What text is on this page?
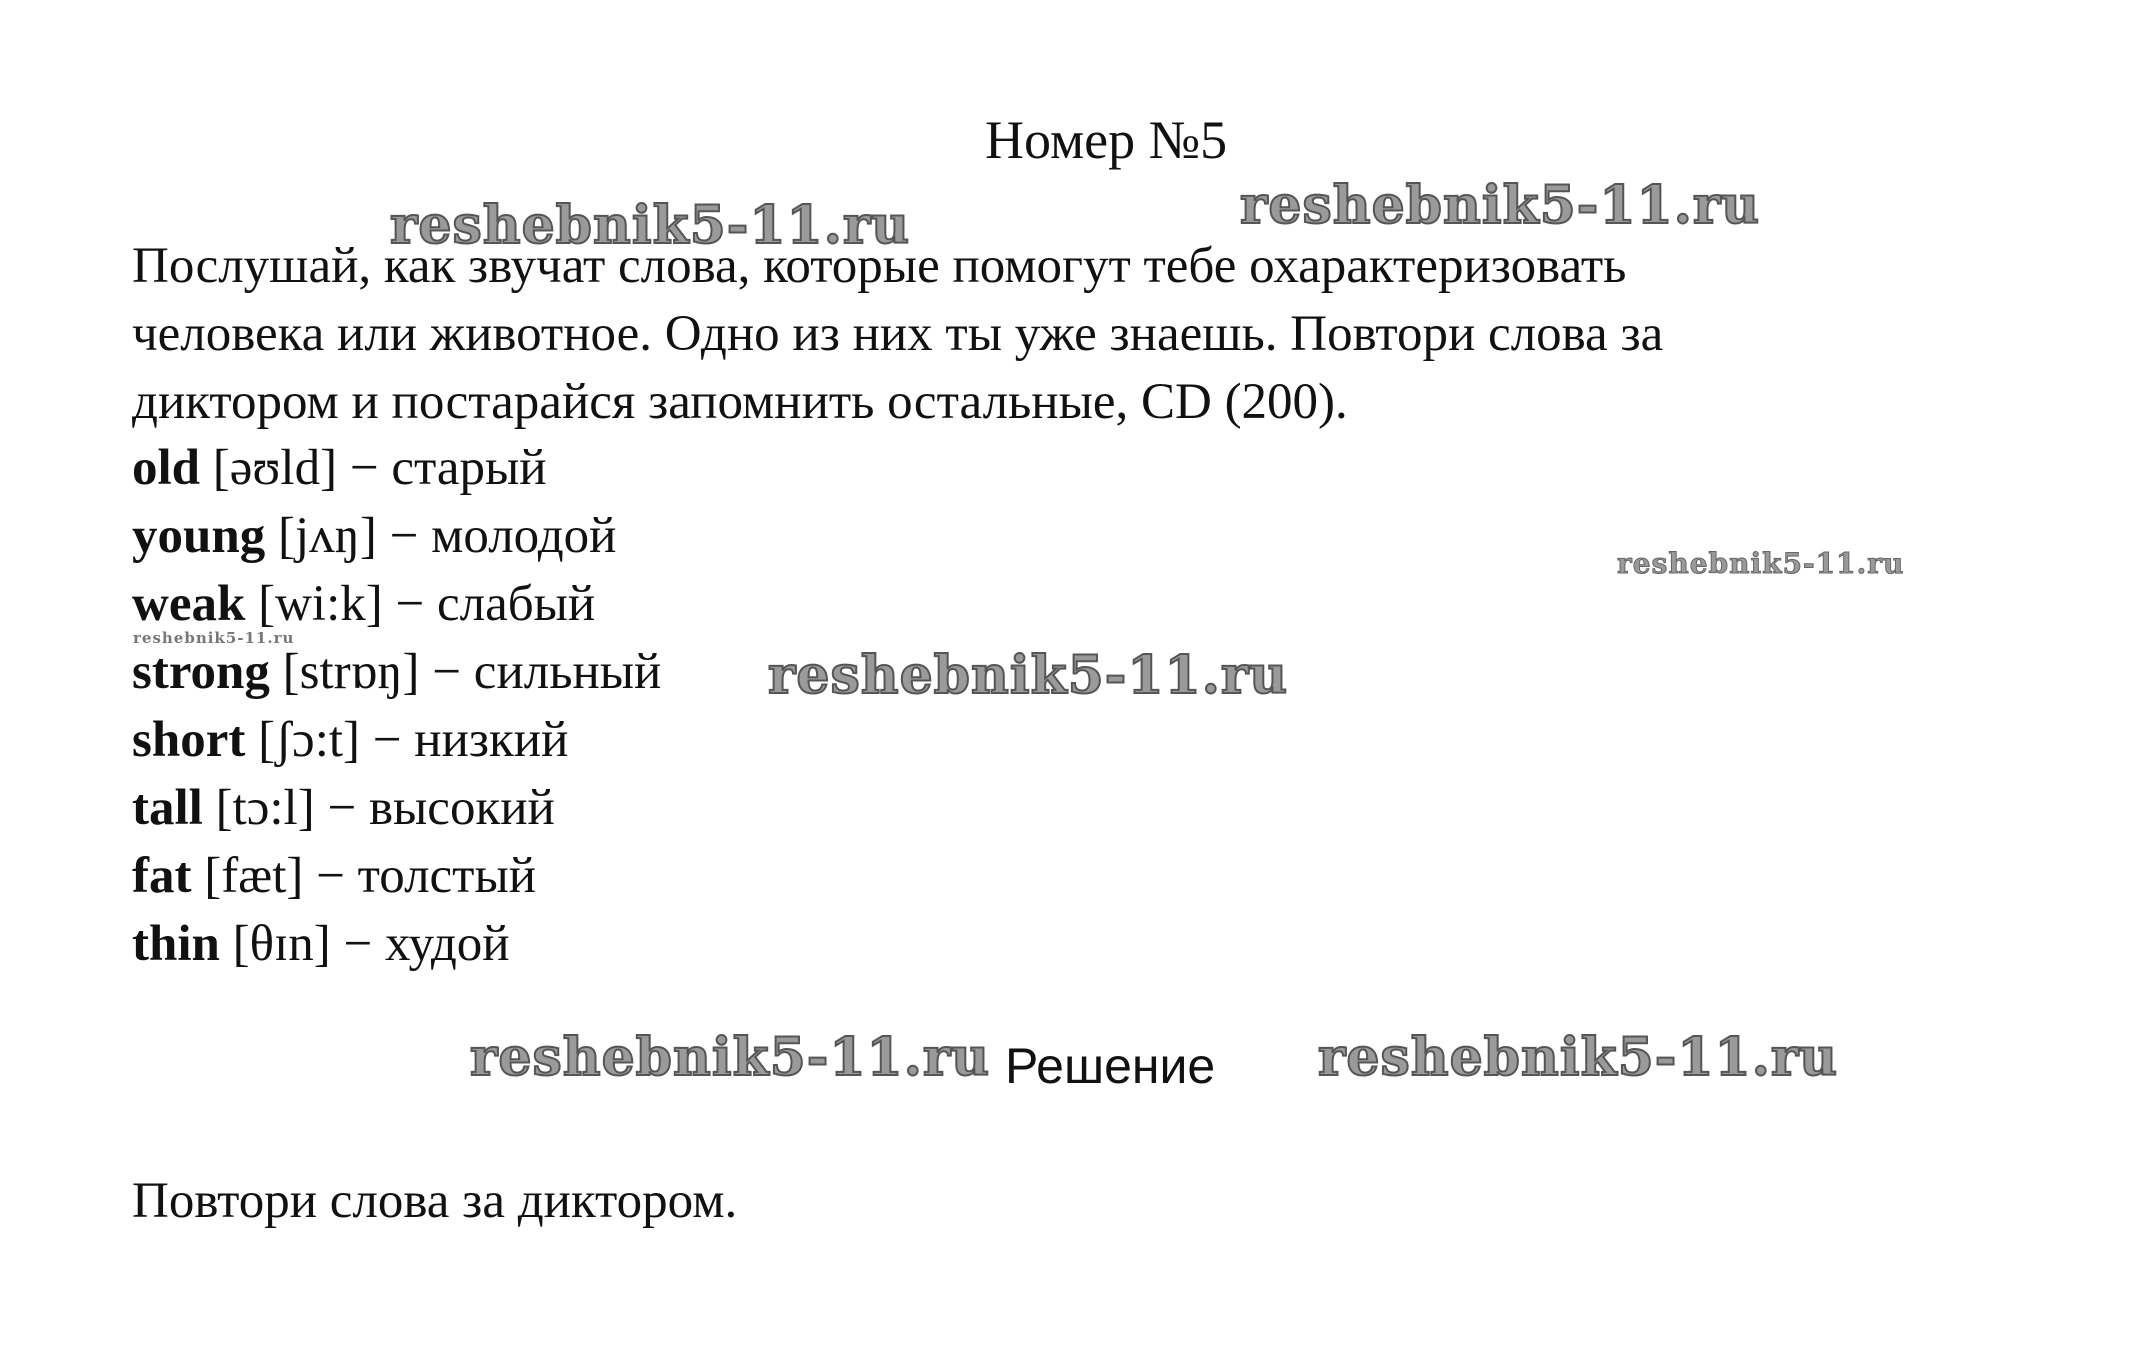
Номер №5

Послушай, как звучат слова, которые помогут тебе охарактеризовать

человека или животное. Одно из них ты уже знаешь. Повтори слова за

диктором и постарайся запомнить остальные, CD (200).

old [əʊld] − старый
young [jʌŋ] − молодой
weak [wi:k] − слабый
strong [strɒŋ] − сильный
short [ʃɔ:t] − низкий
tall [tɔ:l] − высокий
fat [fæt] − толстый
thin [θɪn] − худой
Решение
Повтори слова за диктором.
reshebnik5-11.ru	reshebnik5-11.ru
reshebnik5-11.ru
reshebnik5-11.ru
reshebnik5-11.ru
reshebnik5-11.ru	reshebnik5-11.ru
